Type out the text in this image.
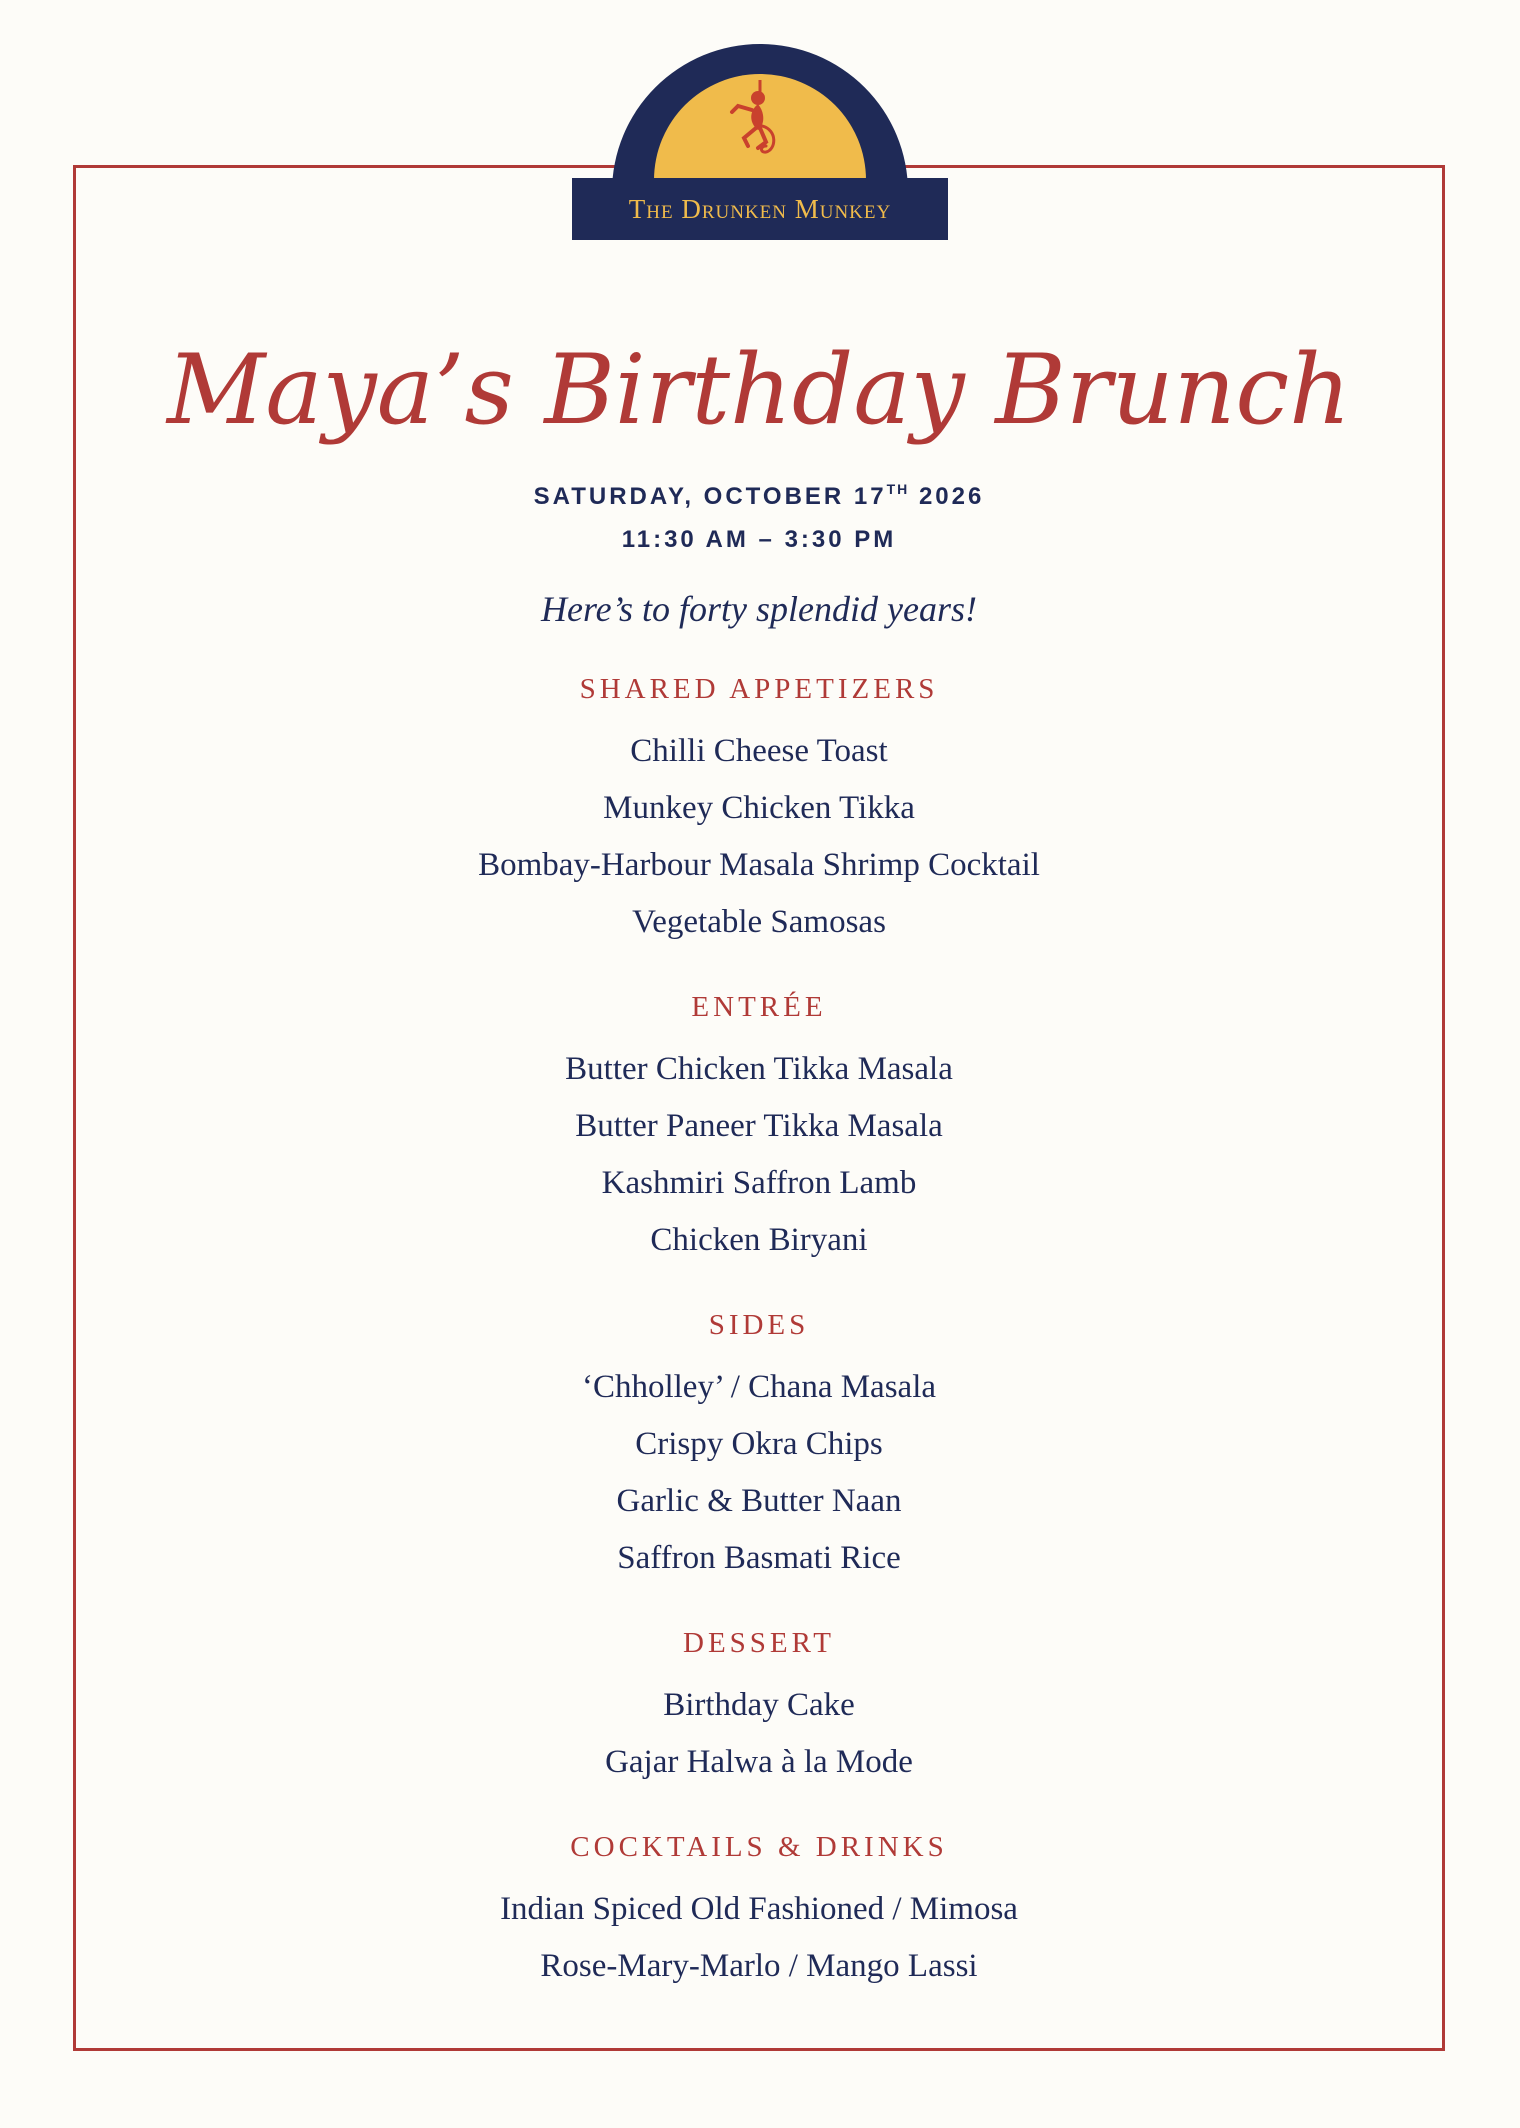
The Drunken Munkey
Maya’s Birthday Brunch
SATURDAY, OCTOBER 17TH 2026
11:30 AM – 3:30 PM
Here’s to forty splendid years!
SHARED APPETIZERS
Chilli Cheese Toast
Munkey Chicken Tikka
Bombay-Harbour Masala Shrimp Cocktail
Vegetable Samosas
ENTRÉE
Butter Chicken Tikka Masala
Butter Paneer Tikka Masala
Kashmiri Saffron Lamb
Chicken Biryani
SIDES
‘Chholley’ / Chana Masala
Crispy Okra Chips
Garlic & Butter Naan
Saffron Basmati Rice
DESSERT
Birthday Cake
Gajar Halwa à la Mode
COCKTAILS & DRINKS
Indian Spiced Old Fashioned / Mimosa
Rose-Mary-Marlo / Mango Lassi
